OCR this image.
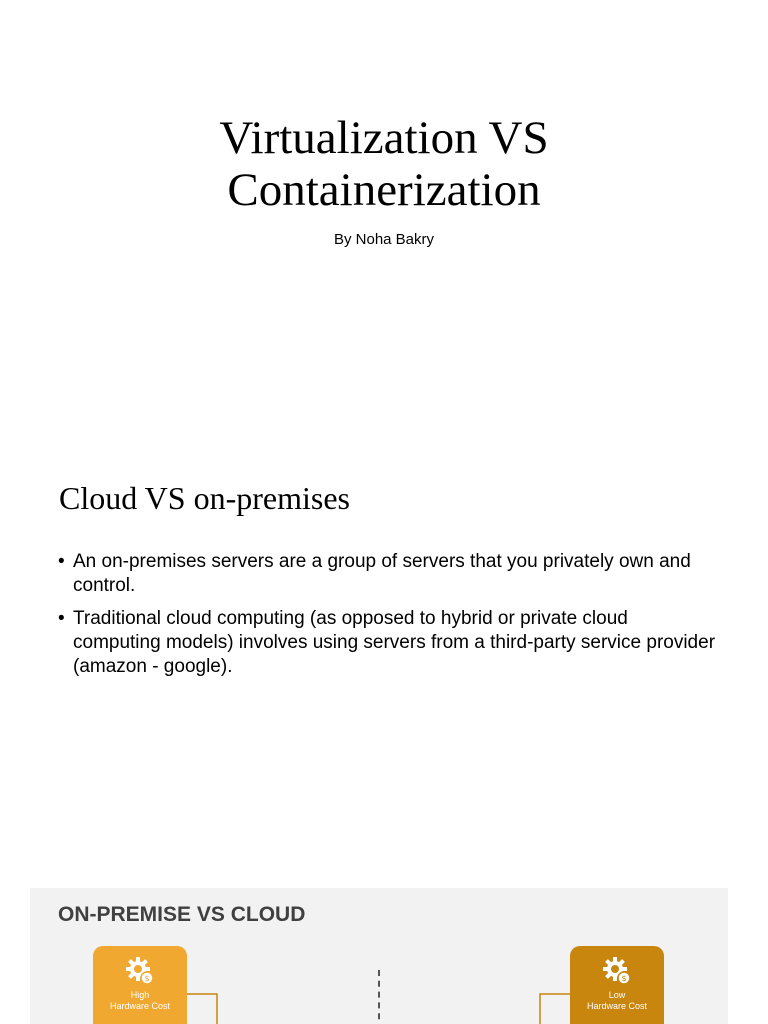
Virtualization VS
Containerization
By Noha Bakry
Cloud VS on-premises
• An on-premises servers are a group of servers that you privately own and control.
• Traditional cloud computing (as opposed to hybrid or private cloud computing models) involves using servers from a third-party service provider (amazon - google).
ON-PREMISE VS CLOUD
$
High
Hardware Cost
$
Low
Hardware Cost
